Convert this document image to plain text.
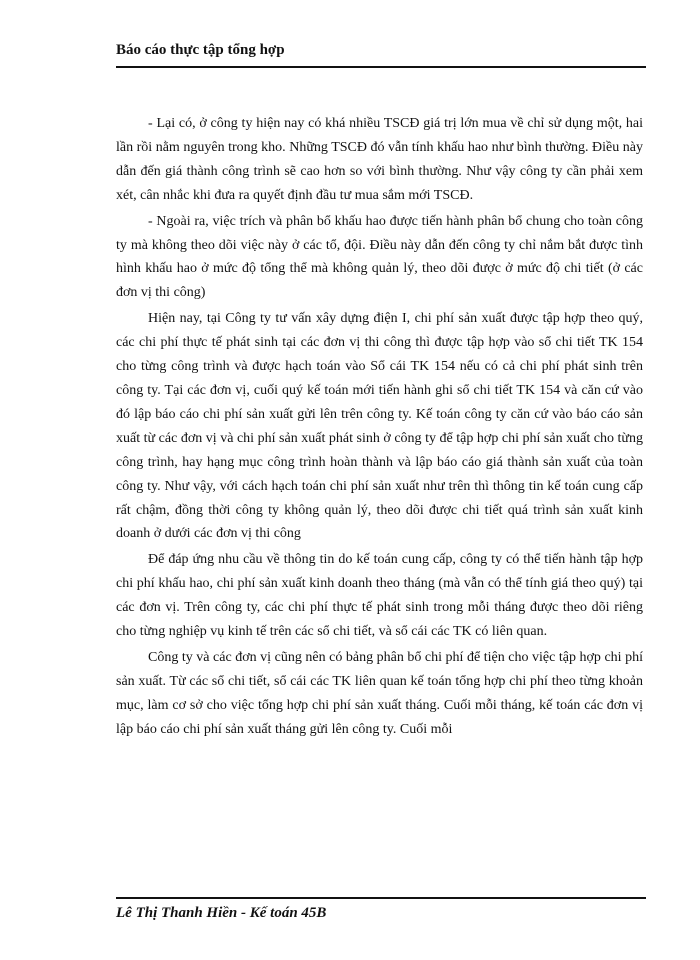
Báo cáo thực tập tổng hợp

- Lại có, ở công ty hiện nay có khá nhiều TSCĐ giá trị lớn mua về chỉ sử dụng một, hai lần rồi nằm nguyên trong kho. Những TSCĐ đó vẫn tính khấu hao như bình thường. Điều này dẫn đến giá thành công trình sẽ cao hơn so với bình thường. Như vậy công ty cần phải xem xét, cân nhắc khi đưa ra quyết định đầu tư mua sắm mới TSCĐ.

- Ngoài ra, việc trích và phân bổ khấu hao được tiến hành phân bổ chung cho toàn công ty mà không theo dõi việc này ở các tổ, đội. Điều này dẫn đến công ty chỉ nắm bắt được tình hình khấu hao ở mức độ tổng thể mà không quản lý, theo dõi được ở mức độ chi tiết (ở các đơn vị thi công)

Hiện nay, tại Công ty tư vấn xây dựng điện I, chi phí sản xuất được tập hợp theo quý, các chi phí thực tế phát sinh tại các đơn vị thi công thì được tập hợp vào sổ chi tiết TK 154 cho từng công trình và được hạch toán vào Sổ cái TK 154 nếu có cả chi phí phát sinh trên công ty. Tại các đơn vị, cuối quý kế toán mới tiến hành ghi sổ chi tiết TK 154 và căn cứ vào đó lập báo cáo chi phí sản xuất gửi lên trên công ty. Kế toán công ty căn cứ vào báo cáo sản xuất từ các đơn vị và chi phí sản xuất phát sinh ở công ty để tập hợp chi phí sản xuất cho từng công trình, hay hạng mục công trình hoàn thành và lập báo cáo giá thành sản xuất của toàn công ty. Như vậy, với cách hạch toán chi phí sản xuất như trên thì thông tin kế toán cung cấp rất chậm, đồng thời công ty không quản lý, theo dõi được chi tiết quá trình sản xuất kinh doanh ở dưới các đơn vị thi công

Để đáp ứng nhu cầu về thông tin do kế toán cung cấp, công ty có thể tiến hành tập hợp chi phí khấu hao, chi phí sản xuất kinh doanh theo tháng (mà vẫn có thể tính giá theo quý) tại các đơn vị. Trên công ty, các chi phí thực tế phát sinh trong mỗi tháng được theo dõi riêng cho từng nghiệp vụ kinh tế trên các sổ chi tiết, và sổ cái các TK có liên quan.

Công ty và các đơn vị cũng nên có bảng phân bổ chi phí để tiện cho việc tập hợp chi phí sản xuất. Từ các sổ chi tiết, sổ cái các TK liên quan kế toán tổng hợp chi phí theo từng khoản mục, làm cơ sở cho việc tổng hợp chi phí sản xuất tháng. Cuối mỗi tháng, kế toán các đơn vị lập báo cáo chi phí sản xuất tháng gửi lên công ty. Cuối mỗi

Lê Thị Thanh Hiền - Kế toán 45B
